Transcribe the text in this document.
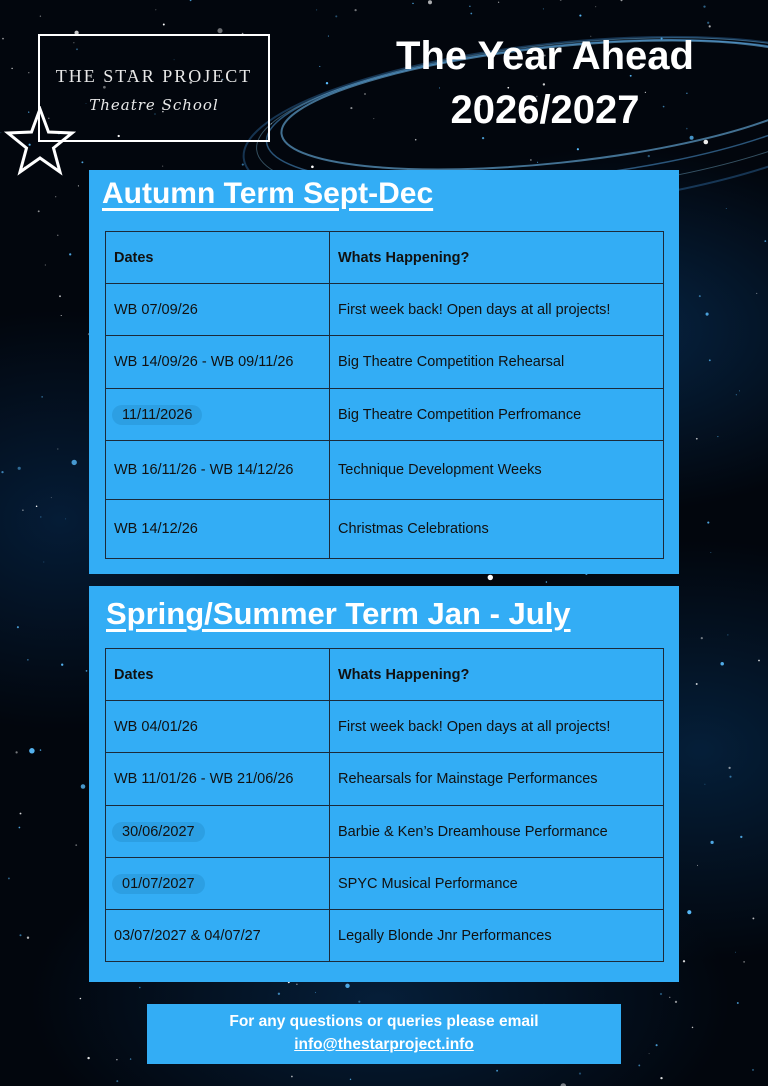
THE STAR PROJECT
Theatre School
The Year Ahead
2026/2027
Autumn Term Sept-Dec
Dates	Whats Happening?
WB 07/09/26	First week back! Open days at all projects!
WB 14/09/26 - WB 09/11/26	Big Theatre Competition Rehearsal
11/11/2026	Big Theatre Competition Perfromance
WB 16/11/26 - WB 14/12/26	Technique Development Weeks
WB 14/12/26	Christmas Celebrations
Spring/Summer Term Jan - July
Dates	Whats Happening?
WB 04/01/26	First week back! Open days at all projects!
WB 11/01/26 - WB 21/06/26	Rehearsals for Mainstage Performances
30/06/2027	Barbie & Ken’s Dreamhouse Performance
01/07/2027	SPYC Musical Performance
03/07/2027 & 04/07/27	Legally Blonde Jnr Performances
For any questions or queries please email
info@thestarproject.info
